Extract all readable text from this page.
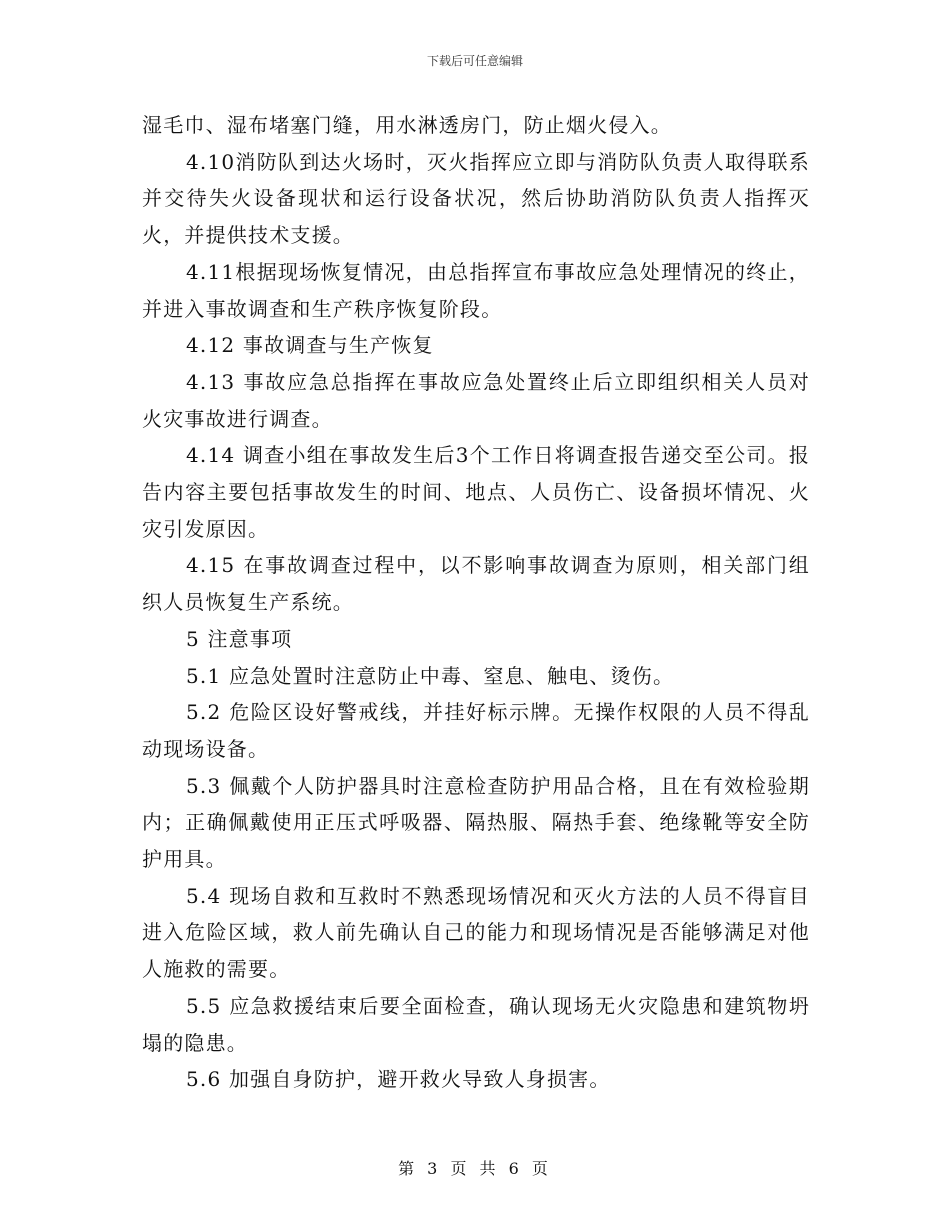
下载后可任意编辑

湿毛巾、湿布堵塞门缝，用水淋透房门，防止烟火侵入。

4.10消防队到达火场时，灭火指挥应立即与消防队负责人取得联系并交待失火设备现状和运行设备状况，然后协助消防队负责人指挥灭火，并提供技术支援。

4.11根据现场恢复情况，由总指挥宣布事故应急处理情况的终止，并进入事故调查和生产秩序恢复阶段。

4.12 事故调查与生产恢复

4.13 事故应急总指挥在事故应急处置终止后立即组织相关人员对火灾事故进行调查。

4.14 调查小组在事故发生后3个工作日将调查报告递交至公司。报告内容主要包括事故发生的时间、地点、人员伤亡、设备损坏情况、火灾引发原因。

4.15 在事故调查过程中，以不影响事故调查为原则，相关部门组织人员恢复生产系统。

5 注意事项

5.1 应急处置时注意防止中毒、窒息、触电、烫伤。

5.2 危险区设好警戒线，并挂好标示牌。无操作权限的人员不得乱动现场设备。

5.3 佩戴个人防护器具时注意检查防护用品合格，且在有效检验期内；正确佩戴使用正压式呼吸器、隔热服、隔热手套、绝缘靴等安全防护用具。

5.4 现场自救和互救时不熟悉现场情况和灭火方法的人员不得盲目进入危险区域，救人前先确认自己的能力和现场情况是否能够满足对他人施救的需要。

5.5 应急救援结束后要全面检查，确认现场无火灾隐患和建筑物坍塌的隐患。

5.6 加强自身防护，避开救火导致人身损害。

第 3 页 共 6 页
